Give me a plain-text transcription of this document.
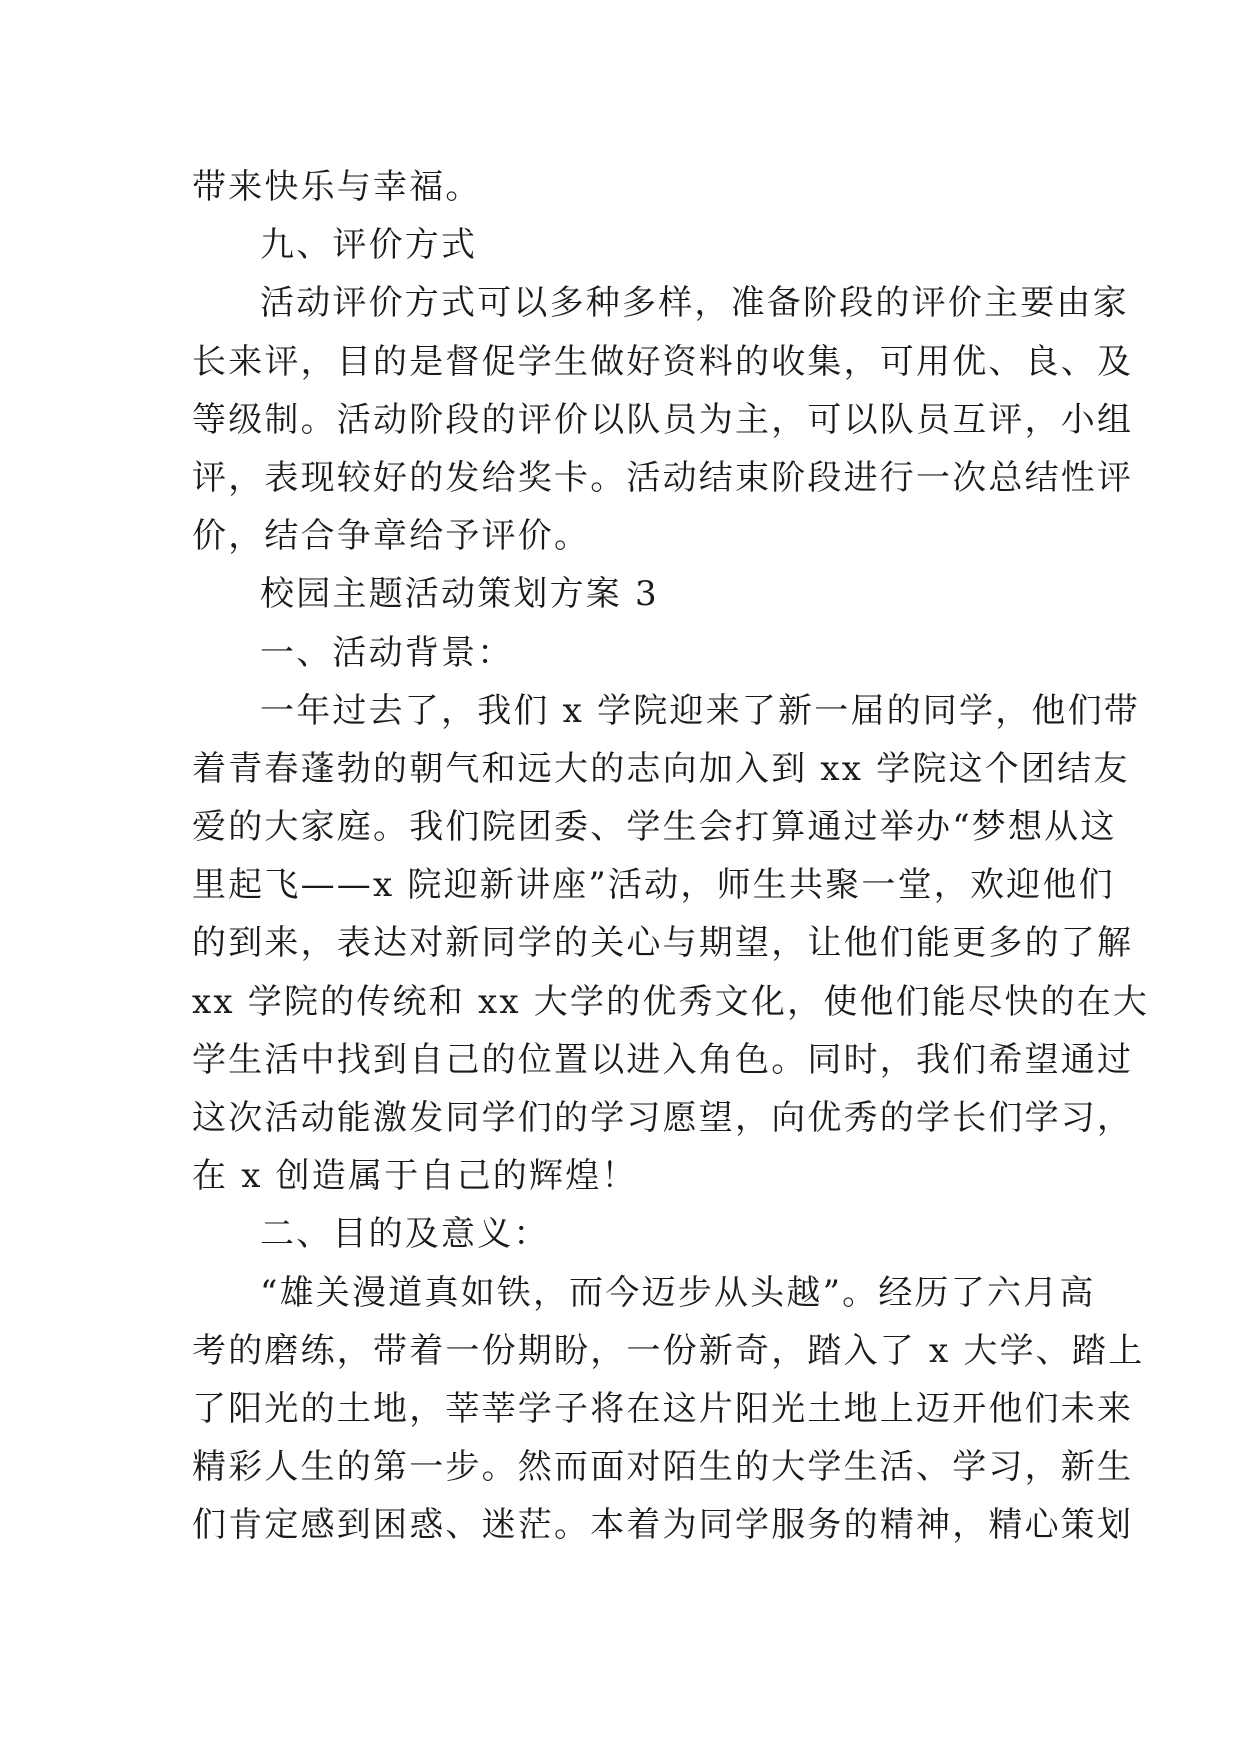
带来快乐与幸福。
九、评价方式
活动评价方式可以多种多样，准备阶段的评价主要由家
长来评，目的是督促学生做好资料的收集，可用优、良、及
等级制。活动阶段的评价以队员为主，可以队员互评，小组
评，表现较好的发给奖卡。活动结束阶段进行一次总结性评
价，结合争章给予评价。
校园主题活动策划方案 3
一、活动背景：
一年过去了，我们 x 学院迎来了新一届的同学，他们带
着青春蓬勃的朝气和远大的志向加入到 xx 学院这个团结友
爱的大家庭。我们院团委、学生会打算通过举办“梦想从这
里起飞——x 院迎新讲座”活动，师生共聚一堂，欢迎他们
的到来，表达对新同学的关心与期望，让他们能更多的了解
xx 学院的传统和 xx 大学的优秀文化，使他们能尽快的在大
学生活中找到自己的位置以进入角色。同时，我们希望通过
这次活动能激发同学们的学习愿望，向优秀的学长们学习，
在 x 创造属于自己的辉煌！
二、目的及意义：
“雄关漫道真如铁，而今迈步从头越”。经历了六月高
考的磨练，带着一份期盼，一份新奇，踏入了 x 大学、踏上
了阳光的土地，莘莘学子将在这片阳光土地上迈开他们未来
精彩人生的第一步。然而面对陌生的大学生活、学习，新生
们肯定感到困惑、迷茫。本着为同学服务的精神，精心策划
